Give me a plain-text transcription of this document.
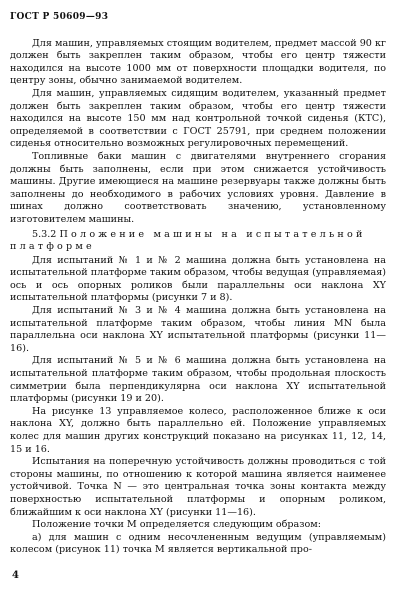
ГОСТ Р 50609—93

Для машин, управляемых стоящим водителем, предмет массой 90 кг должен быть закреплен таким образом, чтобы его центр тяжести находился на высоте 1000 мм от поверхности площадки водителя, по центру зоны, обычно занимаемой водителем.

Для машин, управляемых сидящим водителем, указанный предмет должен быть закреплен таким образом, чтобы его центр тяжести находился на высоте 150 мм над контрольной точкой сиденья (КТС), определяемой в соответствии с ГОСТ 25791, при среднем положении сиденья относительно возможных регулировочных перемещений.

Топливные баки машин с двигателями внутреннего сгорания должны быть заполнены, если при этом снижается устойчивость машины. Другие имеющиеся на машине резервуары также должны быть заполнены до необходимого в рабочих условиях уровня. Давление в шинах должно соответствовать значению, установленному изготовителем машины.

5.3.2 Положение машины на испытательной платформе

Для испытаний № 1 и № 2 машина должна быть установлена на испытательной платформе таким образом, чтобы ведущая (управляемая) ось и ось опорных роликов были параллельны оси наклона XY испытательной платформы (рисунки 7 и 8).

Для испытаний № 3 и № 4 машина должна быть установлена на испытательной платформе таким образом, чтобы линия MN была параллельна оси наклона XY испытательной платформы (рисунки 11—16).

Для испытаний № 5 и № 6 машина должна быть установлена на испытательной платформе таким образом, чтобы продольная плоскость симметрии была перпендикулярна оси наклона XY испытательной платформы (рисунки 19 и 20).

На рисунке 13 управляемое колесо, расположенное ближе к оси наклона XY, должно быть параллельно ей. Положение управляемых колес для машин других конструкций показано на рисунках 11, 12, 14, 15 и 16.

Испытания на поперечную устойчивость должны проводиться с той стороны машины, по отношению к которой машина является наименее устойчивой. Точка N — это центральная точка зоны контакта между поверхностью испытательной платформы и опорным роликом, ближайшим к оси наклона XY (рисунки 11—16).

Положение точки M определяется следующим образом:

а) для машин с одним несочлененным ведущим (управляемым) колесом (рисунок 11) точка M является вертикальной про-

4
